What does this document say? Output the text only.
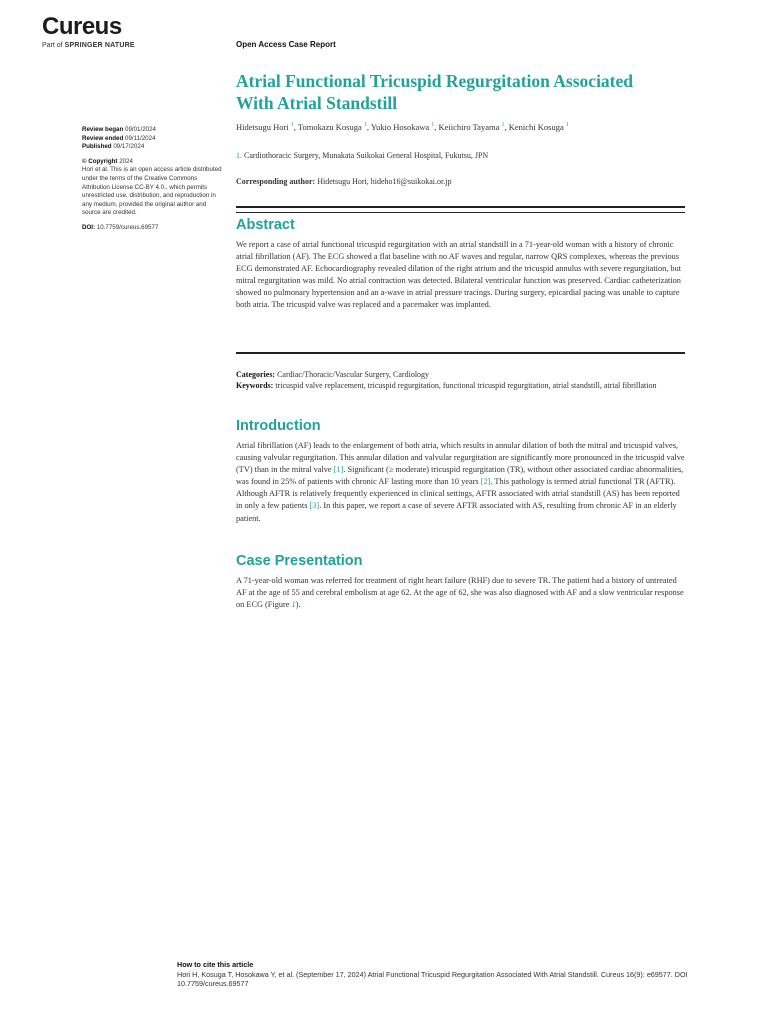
Cureus
Part of SPRINGER NATURE	Open Access Case Report
Atrial Functional Tricuspid Regurgitation Associated With Atrial Standstill
Hidetsugu Hori $^1$, Tomokazu Kosuga $^1$, Yukio Hosokawa $^1$, Keiichiro Tayama $^1$, Kenichi Kosuga $^1$
1. Cardiothoracic Surgery, Munakata Suikokai General Hospital, Fukutsu, JPN
Corresponding author: Hidetsugu Hori, hideho16@suikokai.or.jp
Review began 09/01/2024
Review ended 09/11/2024
Published 09/17/2024
© Copyright 2024
Hori et al. This is an open access article distributed under the terms of the Creative Commons Attribution License CC-BY 4.0., which permits unrestricted use, distribution, and reproduction in any medium, provided the original author and source are credited.
DOI: 10.7759/cureus.69577	Abstract
We report a case of atrial functional tricuspid regurgitation with an atrial standstill in a 71-year-old woman with a history of chronic atrial fibrillation (AF). The ECG showed a flat baseline with no AF waves and regular, narrow QRS complexes, whereas the previous ECG demonstrated AF. Echocardiography revealed dilation of the right atrium and the tricuspid annulus with severe regurgitation, but mitral regurgitation was mild. No atrial contraction was detected. Bilateral ventricular function was preserved. Cardiac catheterization showed no pulmonary hypertension and an a-wave in atrial pressure tracings. During surgery, epicardial pacing was unable to capture both atria. The tricuspid valve was replaced and a pacemaker was implanted.
Categories: Cardiac/Thoracic/Vascular Surgery, Cardiology
Keywords: tricuspid valve replacement, tricuspid regurgitation, functional tricuspid regurgitation, atrial standstill, atrial fibrillation
Introduction
Atrial fibrillation (AF) leads to the enlargement of both atria, which results in annular dilation of both the mitral and tricuspid valves, causing valvular regurgitation. This annular dilation and valvular regurgitation are significantly more pronounced in the tricuspid valve (TV) than in the mitral valve [1]. Significant (≥ moderate) tricuspid regurgitation (TR), without other associated cardiac abnormalities, was found in 25% of patients with chronic AF lasting more than 10 years [2]. This pathology is termed atrial functional TR (AFTR). Although AFTR is relatively frequently experienced in clinical settings, AFTR associated with atrial standstill (AS) has been reported in only a few patients [3]. In this paper, we report a case of severe AFTR associated with AS, resulting from chronic AF in an elderly patient.
Case Presentation
A 71-year-old woman was referred for treatment of right heart failure (RHF) due to severe TR. The patient had a history of untreated AF at the age of 55 and cerebral embolism at age 62. At the age of 62, she was also diagnosed with AF and a slow ventricular response on ECG (Figure 1).
How to cite this article
Hori H, Kosuga T, Hosokawa Y, et al. (September 17, 2024) Atrial Functional Tricuspid Regurgitation Associated With Atrial Standstill. Cureus 16(9): e69577. DOI 10.7759/cureus.69577
